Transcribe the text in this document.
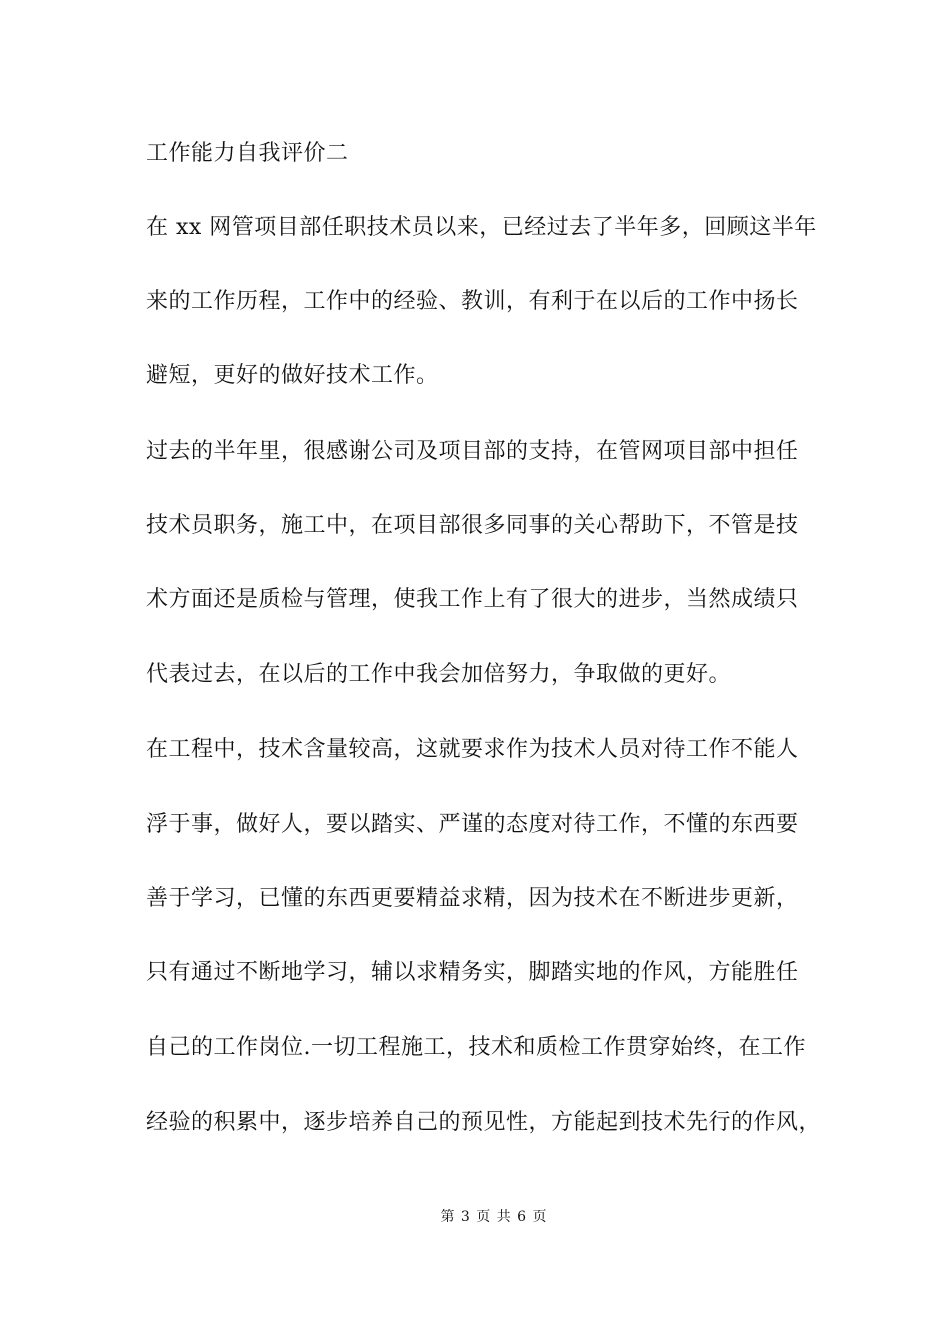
工作能力自我评价二
在 xx 网管项目部任职技术员以来，已经过去了半年多，回顾这半年
来的工作历程，工作中的经验、教训，有利于在以后的工作中扬长
避短，更好的做好技术工作。
过去的半年里，很感谢公司及项目部的支持，在管网项目部中担任
技术员职务，施工中，在项目部很多同事的关心帮助下，不管是技
术方面还是质检与管理，使我工作上有了很大的进步，当然成绩只
代表过去，在以后的工作中我会加倍努力，争取做的更好。
在工程中，技术含量较高，这就要求作为技术人员对待工作不能人
浮于事，做好人，要以踏实、严谨的态度对待工作，不懂的东西要
善于学习，已懂的东西更要精益求精，因为技术在不断进步更新，
只有通过不断地学习，辅以求精务实，脚踏实地的作风，方能胜任
自己的工作岗位.一切工程施工，技术和质检工作贯穿始终，在工作
经验的积累中，逐步培养自己的预见性，方能起到技术先行的作风，
第 3 页 共 6 页
